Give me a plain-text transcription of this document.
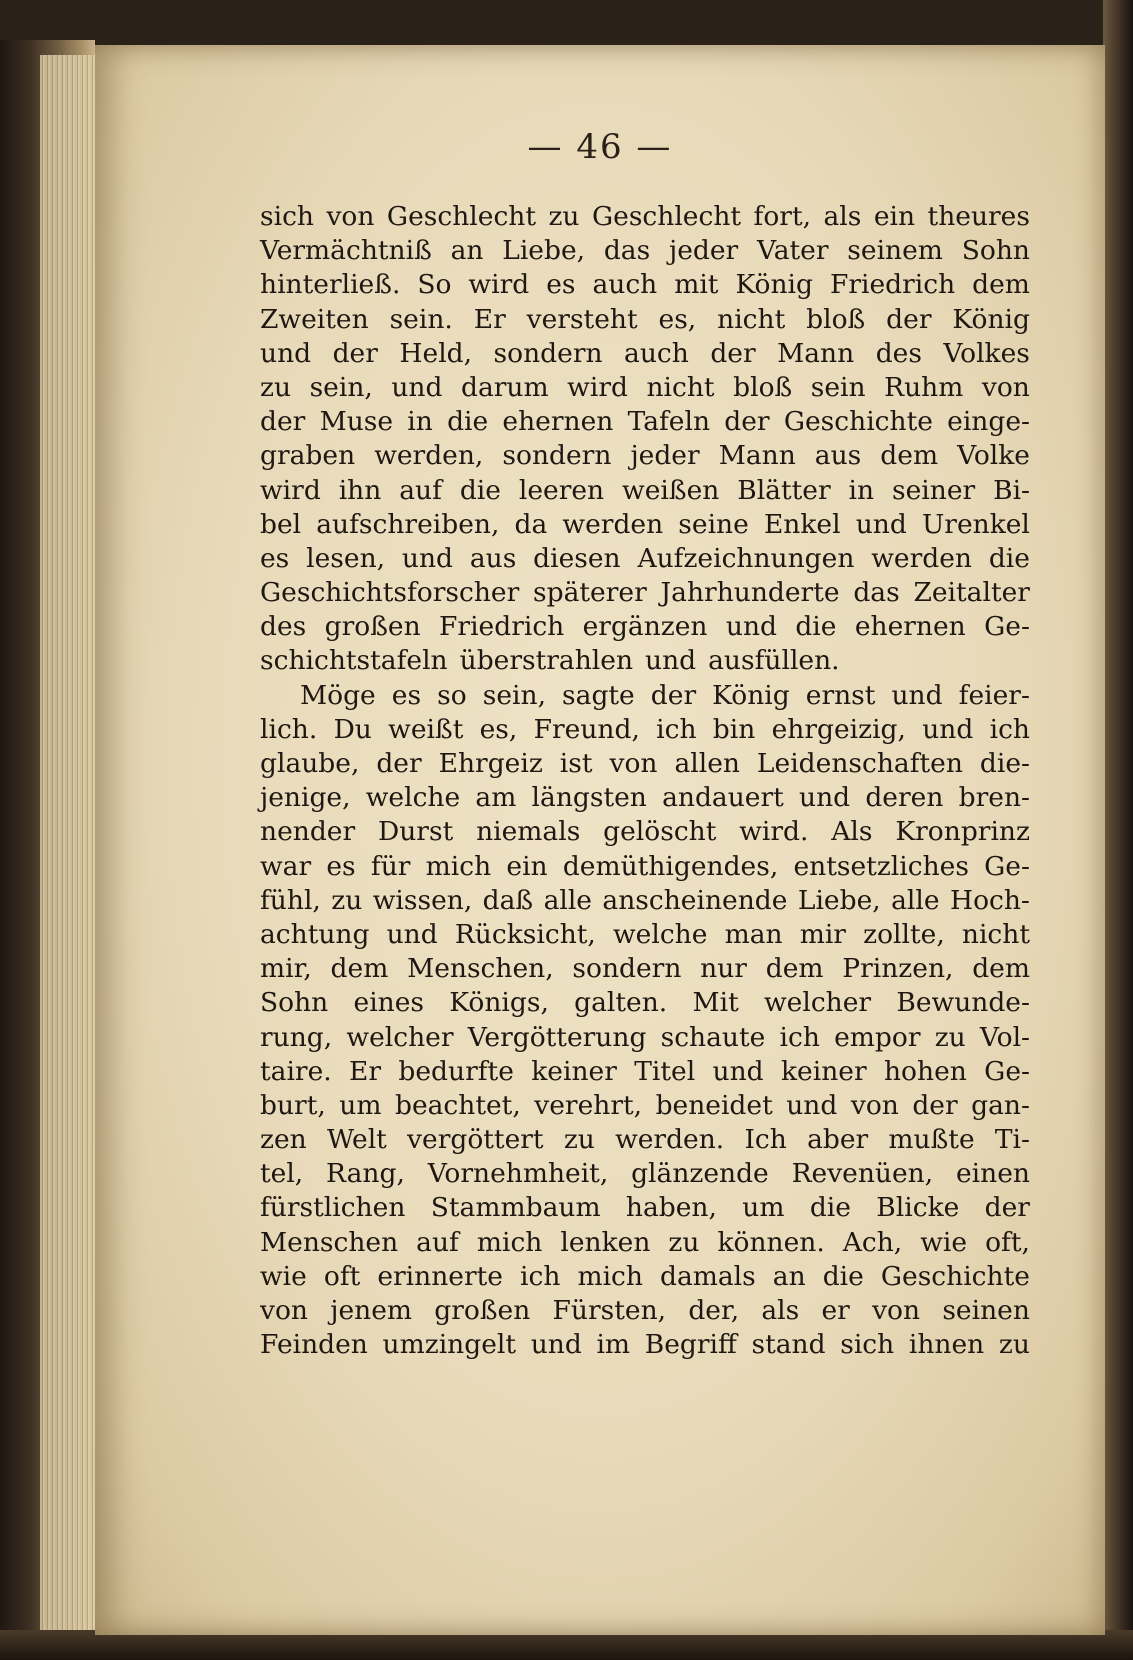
— 46 —
sich von Geschlecht zu Geschlecht fort, als ein theures
Vermächtniß an Liebe, das jeder Vater seinem Sohn
hinterließ. So wird es auch mit König Friedrich dem
Zweiten sein. Er versteht es, nicht bloß der König
und der Held, sondern auch der Mann des Volkes
zu sein, und darum wird nicht bloß sein Ruhm von
der Muse in die ehernen Tafeln der Geschichte einge-
graben werden, sondern jeder Mann aus dem Volke
wird ihn auf die leeren weißen Blätter in seiner Bi-
bel aufschreiben, da werden seine Enkel und Urenkel
es lesen, und aus diesen Aufzeichnungen werden die
Geschichtsforscher späterer Jahrhunderte das Zeitalter
des großen Friedrich ergänzen und die ehernen Ge-
schichtstafeln überstrahlen und ausfüllen.
Möge es so sein, sagte der König ernst und feier-
lich. Du weißt es, Freund, ich bin ehrgeizig, und ich
glaube, der Ehrgeiz ist von allen Leidenschaften die-
jenige, welche am längsten andauert und deren bren-
nender Durst niemals gelöscht wird. Als Kronprinz
war es für mich ein demüthigendes, entsetzliches Ge-
fühl, zu wissen, daß alle anscheinende Liebe, alle Hoch-
achtung und Rücksicht, welche man mir zollte, nicht
mir, dem Menschen, sondern nur dem Prinzen, dem
Sohn eines Königs, galten. Mit welcher Bewunde-
rung, welcher Vergötterung schaute ich empor zu Vol-
taire. Er bedurfte keiner Titel und keiner hohen Ge-
burt, um beachtet, verehrt, beneidet und von der gan-
zen Welt vergöttert zu werden. Ich aber mußte Ti-
tel, Rang, Vornehmheit, glänzende Revenüen, einen
fürstlichen Stammbaum haben, um die Blicke der
Menschen auf mich lenken zu können. Ach, wie oft,
wie oft erinnerte ich mich damals an die Geschichte
von jenem großen Fürsten, der, als er von seinen
Feinden umzingelt und im Begriff stand sich ihnen zu
